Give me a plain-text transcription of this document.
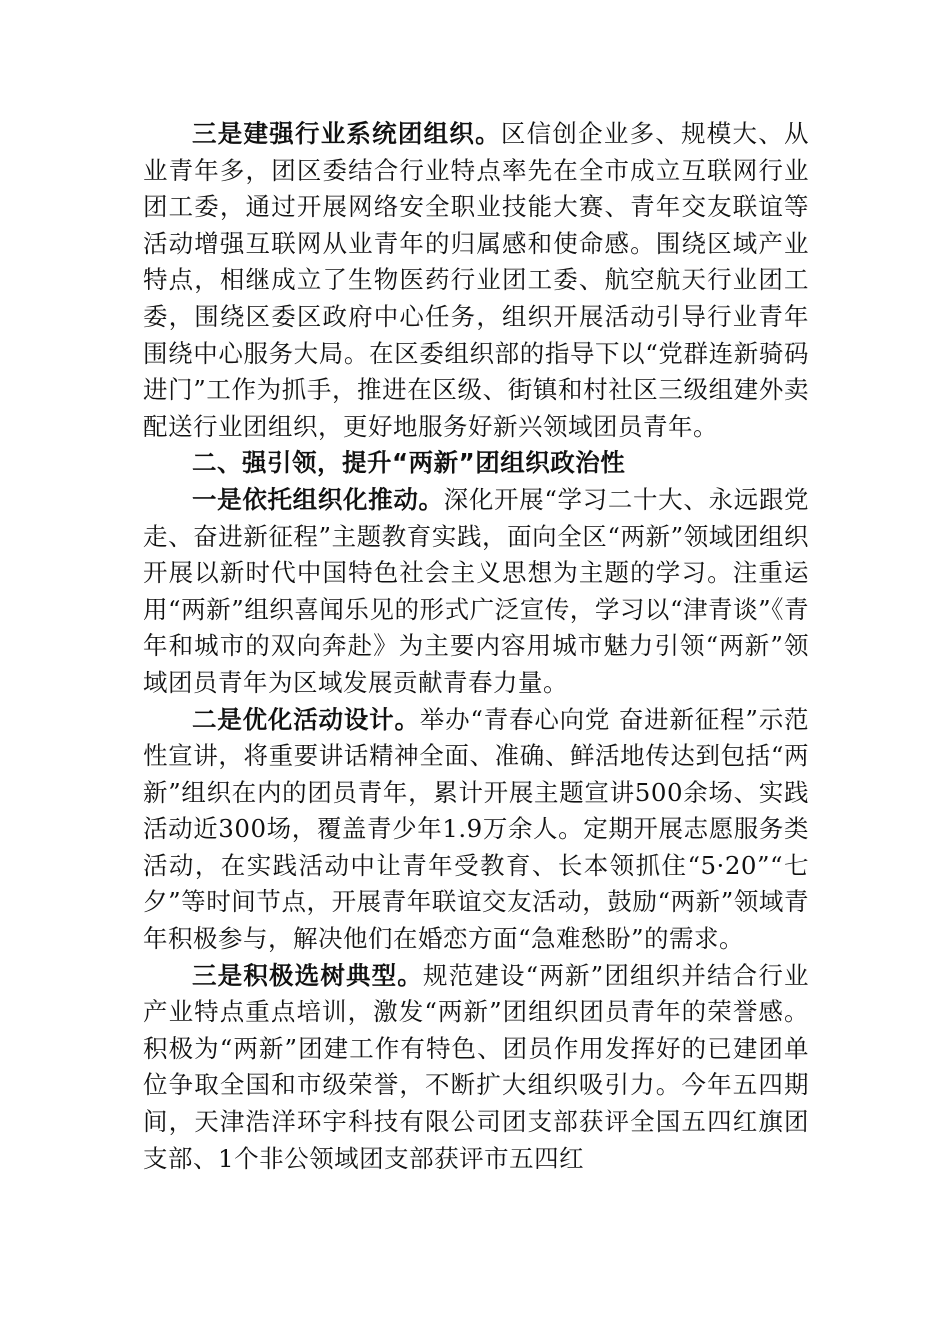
三是建强行业系统团组织。区信创企业多、规模大、从业青年多，团区委结合行业特点率先在全市成立互联网行业团工委，通过开展网络安全职业技能大赛、青年交友联谊等活动增强互联网从业青年的归属感和使命感。围绕区域产业特点，相继成立了生物医药行业团工委、航空航天行业团工委，围绕区委区政府中心任务，组织开展活动引导行业青年围绕中心服务大局。在区委组织部的指导下以“党群连新骑码进门”工作为抓手，推进在区级、街镇和村社区三级组建外卖配送行业团组织，更好地服务好新兴领域团员青年。

二、强引领，提升“两新”团组织政治性

一是依托组织化推动。深化开展“学习二十大、永远跟党走、奋进新征程”主题教育实践，面向全区“两新”领域团组织开展以新时代中国特色社会主义思想为主题的学习。注重运用“两新”组织喜闻乐见的形式广泛宣传，学习以“津青谈”《青年和城市的双向奔赴》为主要内容用城市魅力引领“两新”领域团员青年为区域发展贡献青春力量。

二是优化活动设计。举办“青春心向党 奋进新征程”示范性宣讲，将重要讲话精神全面、准确、鲜活地传达到包括“两新”组织在内的团员青年，累计开展主题宣讲500余场、实践活动近300场，覆盖青少年1.9万余人。定期开展志愿服务类活动，在实践活动中让青年受教育、长本领抓住“5·20”“七夕”等时间节点，开展青年联谊交友活动，鼓励“两新”领域青年积极参与，解决他们在婚恋方面“急难愁盼”的需求。

三是积极选树典型。规范建设“两新”团组织并结合行业产业特点重点培训，激发“两新”团组织团员青年的荣誉感。积极为“两新”团建工作有特色、团员作用发挥好的已建团单位争取全国和市级荣誉，不断扩大组织吸引力。今年五四期间，天津浩洋环宇科技有限公司团支部获评全国五四红旗团支部、1个非公领域团支部获评市五四红
